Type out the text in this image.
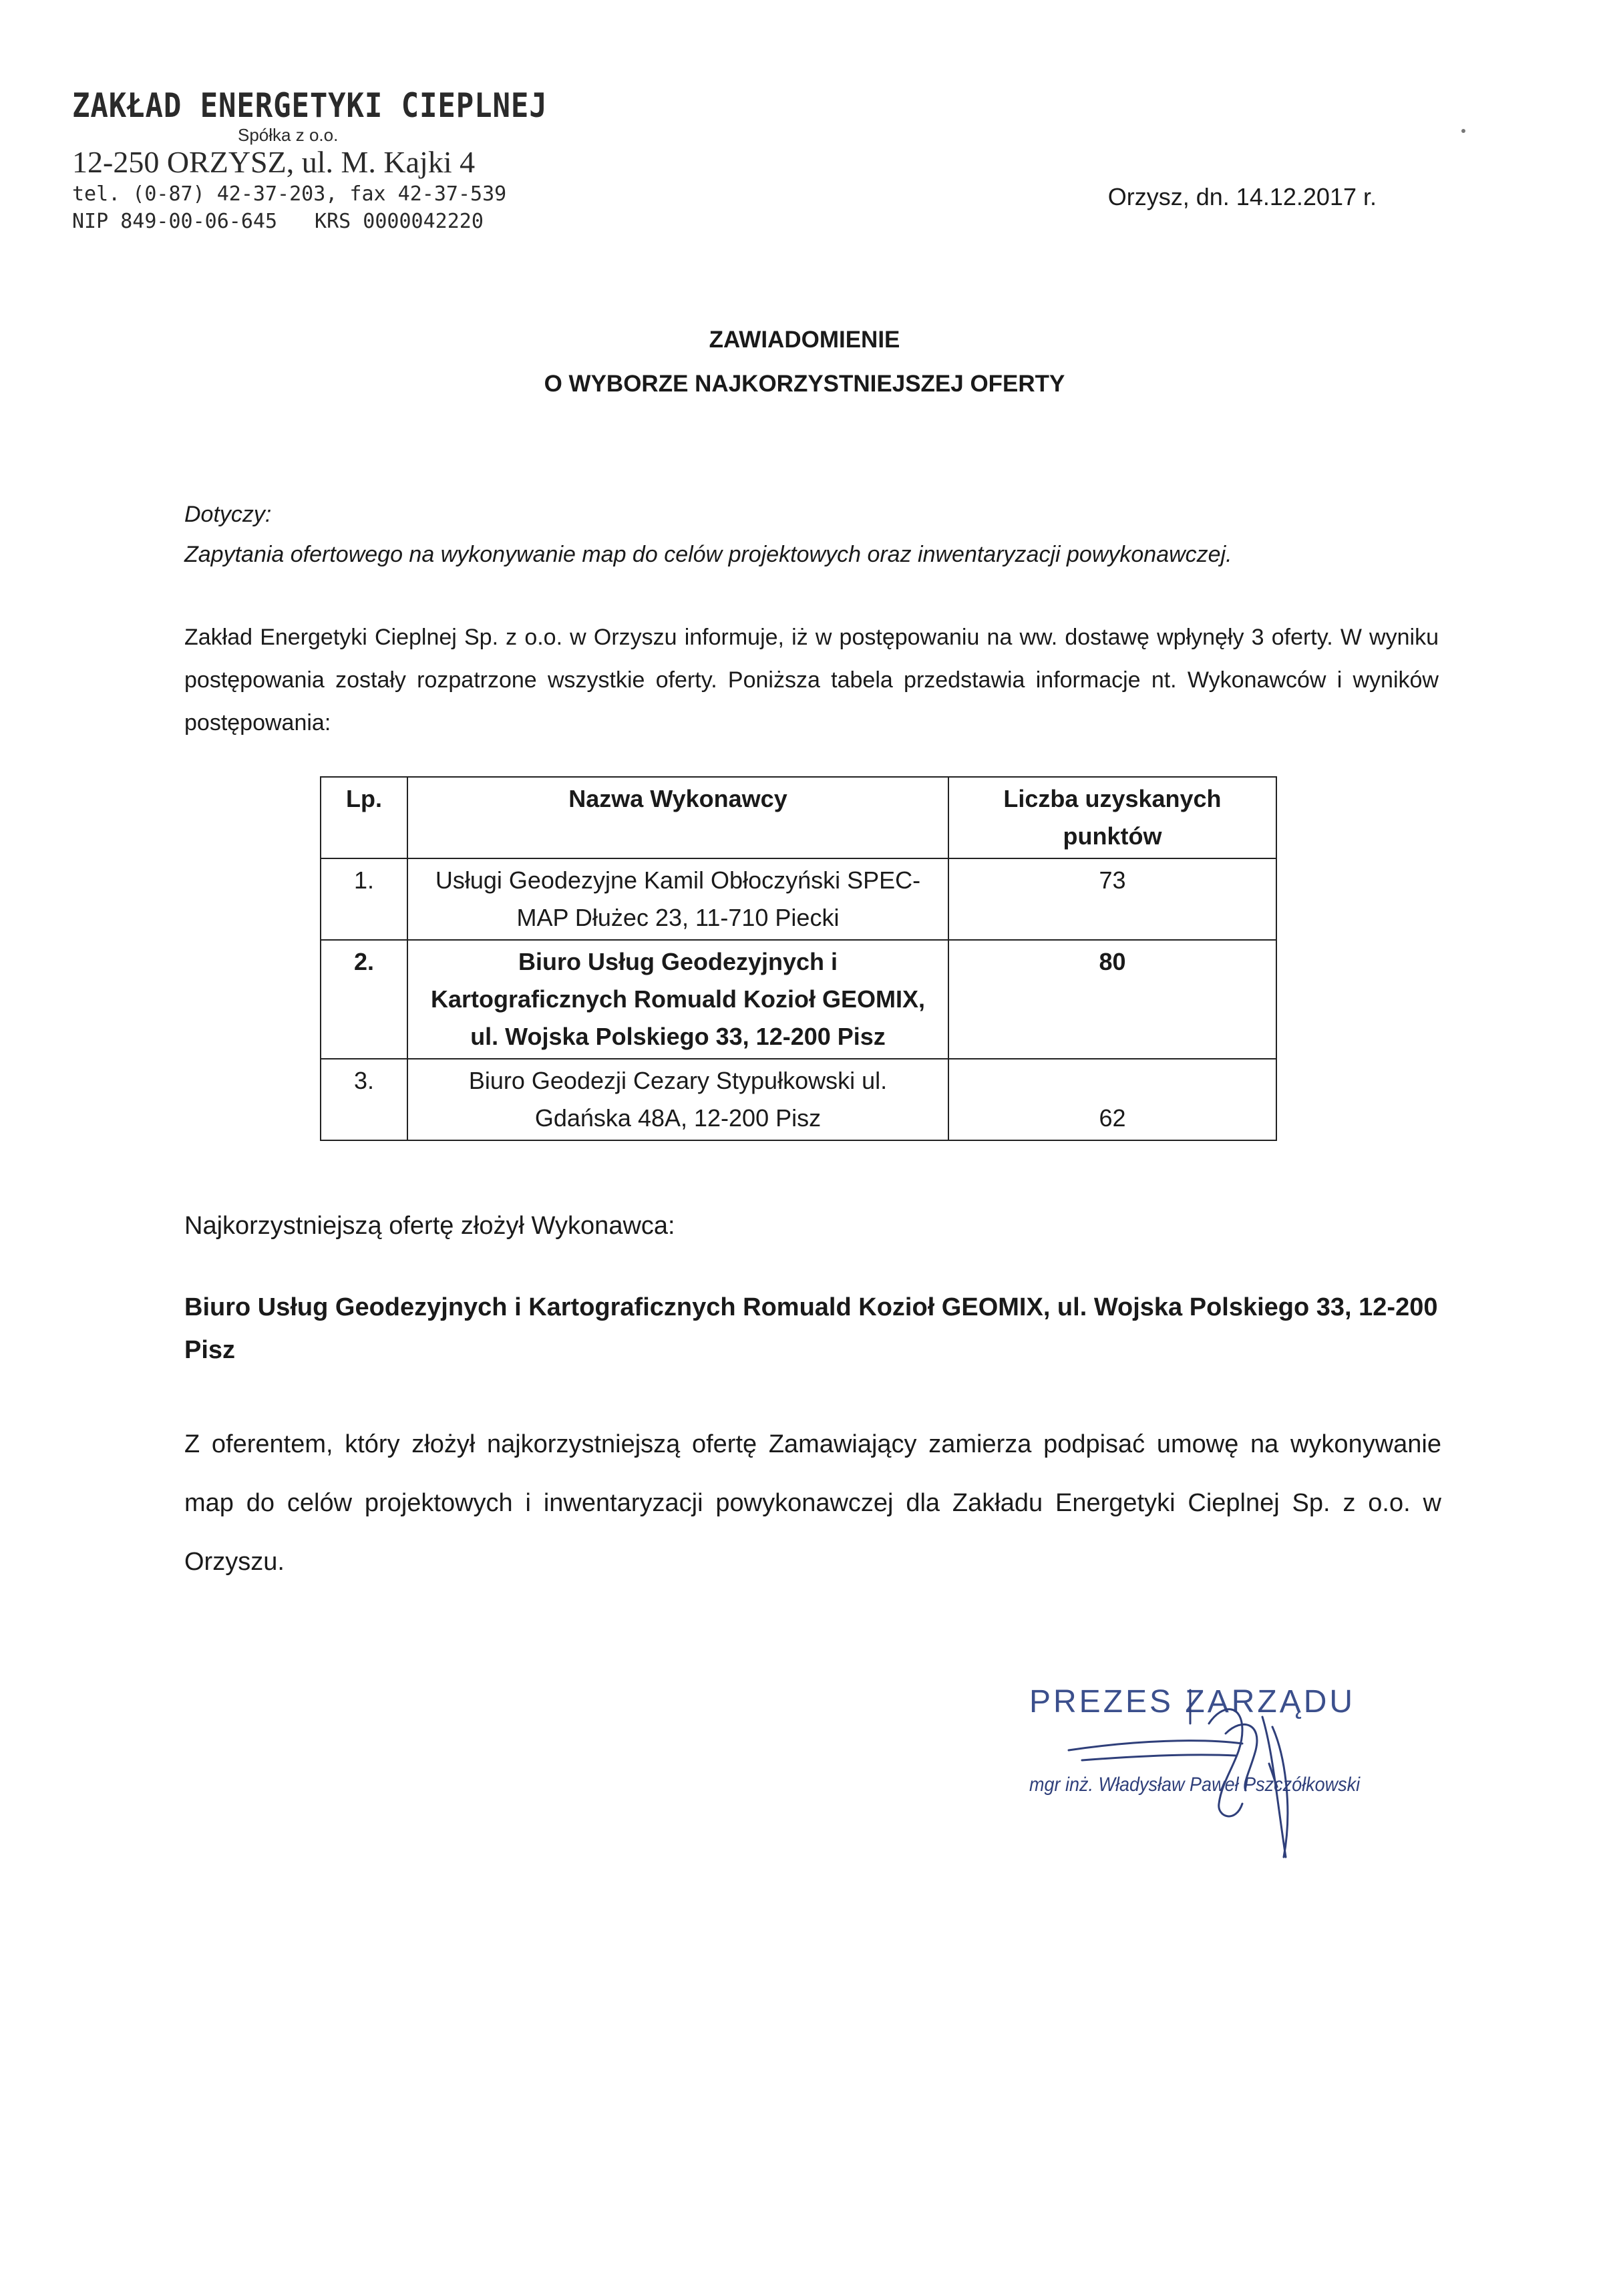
ZAKŁAD ENERGETYKI CIEPLNEJ
Spółka z o.o.
12-250 ORZYSZ, ul. M. Kajki 4
tel. (0-87) 42-37-203, fax 42-37-539
NIP 849-00-06-645 KRS 0000042220
Orzysz, dn. 14.12.2017 r.
ZAWIADOMIENIE
O WYBORZE NAJKORZYSTNIEJSZEJ OFERTY
Dotyczy:
Zapytania ofertowego na wykonywanie map do celów projektowych oraz inwentaryzacji powykonawczej.
Zakład Energetyki Cieplnej Sp. z o.o. w Orzyszu informuje, iż w postępowaniu na ww. dostawę wpłynęły 3 oferty. W wyniku postępowania zostały rozpatrzone wszystkie oferty. Poniższa tabela przedstawia informacje nt. Wykonawców i wyników postępowania:
Lp.	Nazwa Wykonawcy	Liczba uzyskanych punktów
1.	Usługi Geodezyjne Kamil Obłoczyński SPEC- MAP Dłużec 23, 11-710 Piecki	73
2.	Biuro Usług Geodezyjnych i Kartograficznych Romuald Kozioł GEOMIX, ul. Wojska Polskiego 33, 12-200 Pisz	80
3.	Biuro Geodezji Cezary Stypułkowski ul. Gdańska 48A, 12-200 Pisz	62
Najkorzystniejszą ofertę złożył Wykonawca:
Biuro Usług Geodezyjnych i Kartograficznych Romuald Kozioł GEOMIX, ul. Wojska Polskiego 33, 12-200 Pisz
Z oferentem, który złożył najkorzystniejszą ofertę Zamawiający zamierza podpisać umowę na wykonywanie map do celów projektowych i inwentaryzacji powykonawczej dla Zakładu Energetyki Cieplnej Sp. z o.o. w Orzyszu.
PREZES ZARZĄDU
mgr inż. Władysław Paweł Pszczółkowski
